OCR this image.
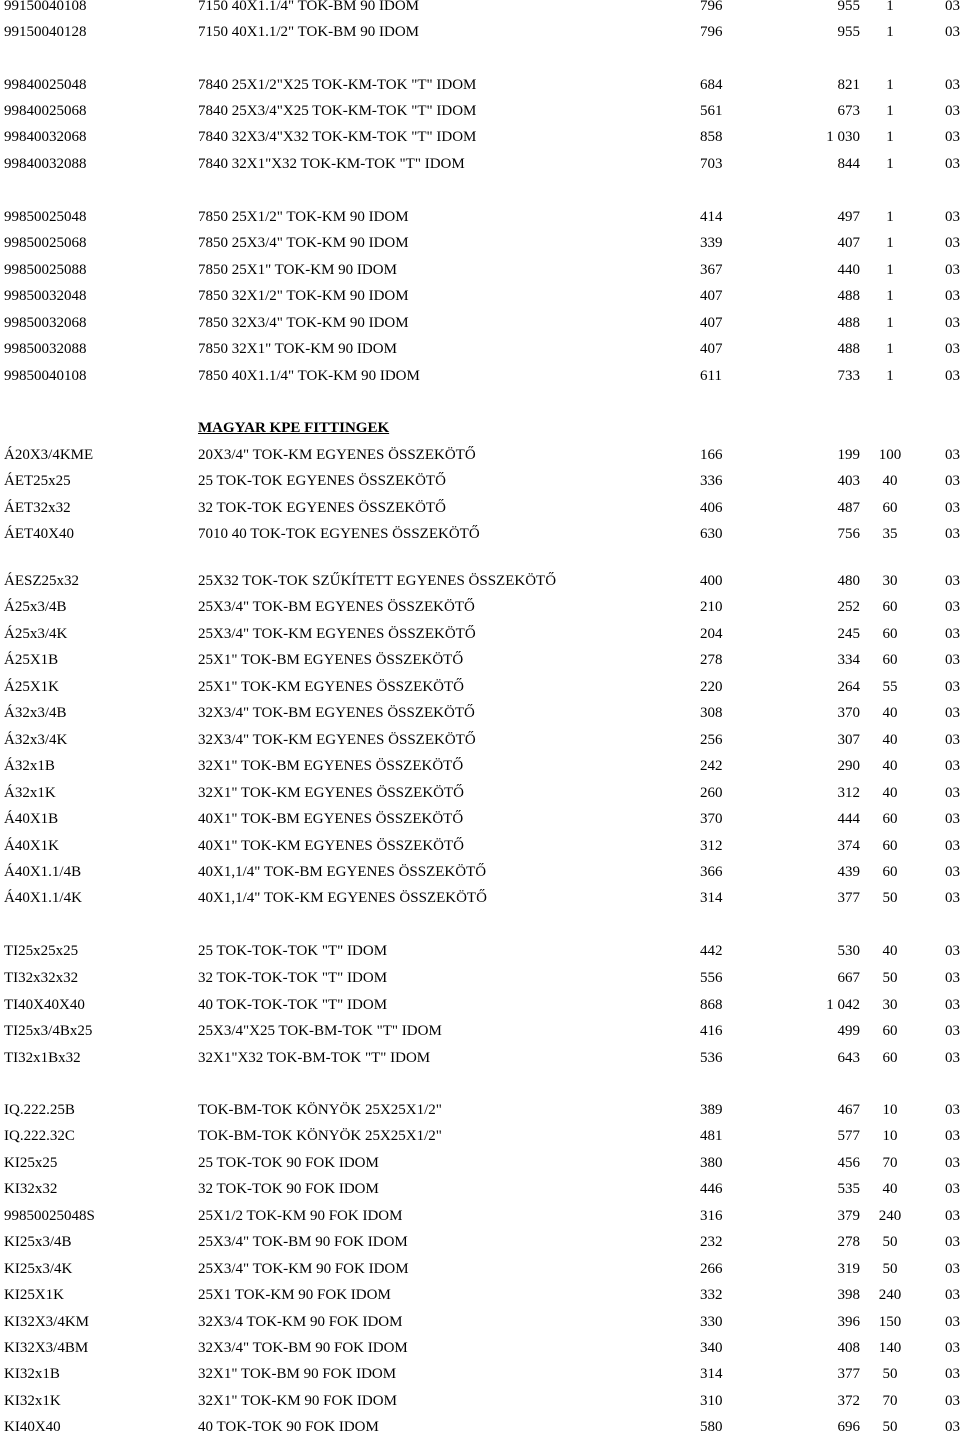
MAGYAR KPE FITTINGEK
99150040108	7150 40X1.1/4" TOK-BM 90 IDOM	796	955	1	03
99150040128	7150 40X1.1/2" TOK-BM 90 IDOM	796	955	1	03
99840025048	7840 25X1/2"X25 TOK-KM-TOK "T" IDOM	684	821	1	03
99840025068	7840 25X3/4"X25 TOK-KM-TOK "T" IDOM	561	673	1	03
99840032068	7840 32X3/4"X32 TOK-KM-TOK "T" IDOM	858	1 030	1	03
99840032088	7840 32X1"X32 TOK-KM-TOK "T" IDOM	703	844	1	03
99850025048	7850 25X1/2" TOK-KM 90 IDOM	414	497	1	03
99850025068	7850 25X3/4" TOK-KM 90 IDOM	339	407	1	03
99850025088	7850 25X1" TOK-KM 90 IDOM	367	440	1	03
99850032048	7850 32X1/2" TOK-KM 90 IDOM	407	488	1	03
99850032068	7850 32X3/4" TOK-KM 90 IDOM	407	488	1	03
99850032088	7850 32X1" TOK-KM 90 IDOM	407	488	1	03
99850040108	7850 40X1.1/4" TOK-KM 90 IDOM	611	733	1	03
Á20X3/4KME	20X3/4" TOK-KM EGYENES ÖSSZEKÖTŐ	166	199	100	03
ÁET25x25	25 TOK-TOK EGYENES ÖSSZEKÖTŐ	336	403	40	03
ÁET32x32	32 TOK-TOK EGYENES ÖSSZEKÖTŐ	406	487	60	03
ÁET40X40	7010 40 TOK-TOK EGYENES ÖSSZEKÖTŐ	630	756	35	03
ÁESZ25x32	25X32 TOK-TOK SZŰKÍTETT EGYENES ÖSSZEKÖTŐ	400	480	30	03
Á25x3/4B	25X3/4" TOK-BM EGYENES ÖSSZEKÖTŐ	210	252	60	03
Á25x3/4K	25X3/4" TOK-KM EGYENES ÖSSZEKÖTŐ	204	245	60	03
Á25X1B	25X1" TOK-BM EGYENES ÖSSZEKÖTŐ	278	334	60	03
Á25X1K	25X1" TOK-KM EGYENES ÖSSZEKÖTŐ	220	264	55	03
Á32x3/4B	32X3/4" TOK-BM EGYENES ÖSSZEKÖTŐ	308	370	40	03
Á32x3/4K	32X3/4" TOK-KM EGYENES ÖSSZEKÖTŐ	256	307	40	03
Á32x1B	32X1" TOK-BM EGYENES ÖSSZEKÖTŐ	242	290	40	03
Á32x1K	32X1" TOK-KM EGYENES ÖSSZEKÖTŐ	260	312	40	03
Á40X1B	40X1" TOK-BM EGYENES ÖSSZEKÖTŐ	370	444	60	03
Á40X1K	40X1" TOK-KM EGYENES ÖSSZEKÖTŐ	312	374	60	03
Á40X1.1/4B	40X1,1/4" TOK-BM EGYENES ÖSSZEKÖTŐ	366	439	60	03
Á40X1.1/4K	40X1,1/4" TOK-KM EGYENES ÖSSZEKÖTŐ	314	377	50	03
TI25x25x25	25 TOK-TOK-TOK "T" IDOM	442	530	40	03
TI32x32x32	32 TOK-TOK-TOK "T" IDOM	556	667	50	03
TI40X40X40	40 TOK-TOK-TOK "T" IDOM	868	1 042	30	03
TI25x3/4Bx25	25X3/4"X25 TOK-BM-TOK "T" IDOM	416	499	60	03
TI32x1Bx32	32X1"X32 TOK-BM-TOK "T" IDOM	536	643	60	03
IQ.222.25B	TOK-BM-TOK KÖNYÖK 25X25X1/2"	389	467	10	03
IQ.222.32C	TOK-BM-TOK KÖNYÖK 25X25X1/2"	481	577	10	03
KI25x25	25 TOK-TOK 90 FOK IDOM	380	456	70	03
KI32x32	32 TOK-TOK 90 FOK IDOM	446	535	40	03
99850025048S	25X1/2 TOK-KM 90 FOK IDOM	316	379	240	03
KI25x3/4B	25X3/4" TOK-BM 90 FOK IDOM	232	278	50	03
KI25x3/4K	25X3/4" TOK-KM 90 FOK IDOM	266	319	50	03
KI25X1K	25X1 TOK-KM 90 FOK IDOM	332	398	240	03
KI32X3/4KM	32X3/4 TOK-KM 90 FOK IDOM	330	396	150	03
KI32X3/4BM	32X3/4" TOK-BM 90 FOK IDOM	340	408	140	03
KI32x1B	32X1" TOK-BM 90 FOK IDOM	314	377	50	03
KI32x1K	32X1" TOK-KM 90 FOK IDOM	310	372	70	03
KI40X40	40 TOK-TOK 90 FOK IDOM	580	696	50	03
